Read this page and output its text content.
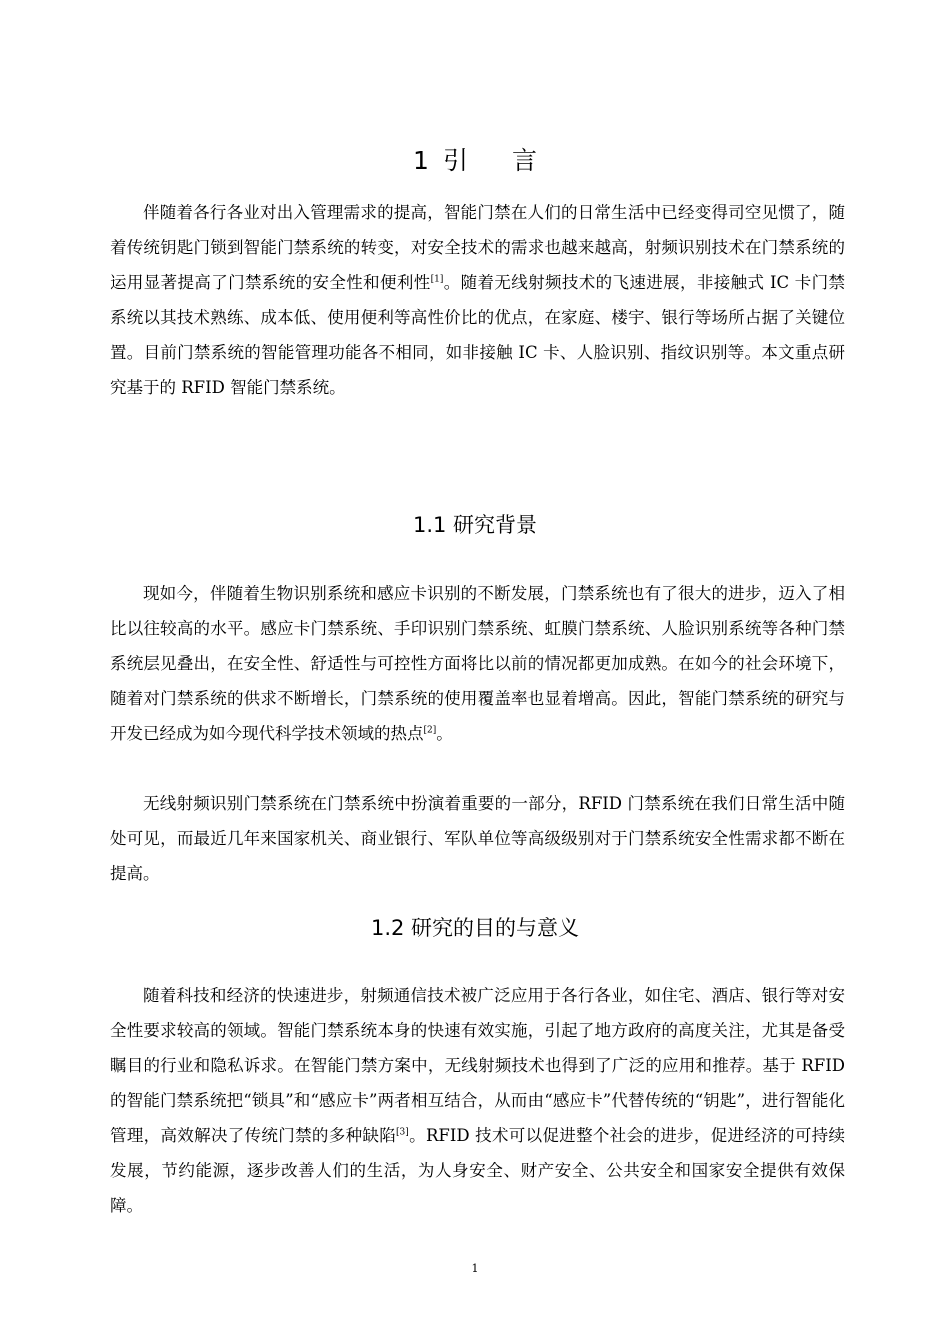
1 引 言

伴随着各行各业对出入管理需求的提高，智能门禁在人们的日常生活中已经变得司空见惯了，随着传统钥匙门锁到智能门禁系统的转变，对安全技术的需求也越来越高，射频识别技术在门禁系统的运用显著提高了门禁系统的安全性和便利性[1]。随着无线射频技术的飞速进展，非接触式 IC 卡门禁系统以其技术熟练、成本低、使用便利等高性价比的优点，在家庭、楼宇、银行等场所占据了关键位置。目前门禁系统的智能管理功能各不相同，如非接触 IC 卡、人脸识别、指纹识别等。本文重点研究基于的 RFID 智能门禁系统。

1.1 研究背景

现如今，伴随着生物识别系统和感应卡识别的不断发展，门禁系统也有了很大的进步，迈入了相比以往较高的水平。感应卡门禁系统、手印识别门禁系统、虹膜门禁系统、人脸识别系统等各种门禁系统层见叠出，在安全性、舒适性与可控性方面将比以前的情况都更加成熟。在如今的社会环境下，随着对门禁系统的供求不断增长，门禁系统的使用覆盖率也显着增高。因此，智能门禁系统的研究与开发已经成为如今现代科学技术领域的热点[2]。

无线射频识别门禁系统在门禁系统中扮演着重要的一部分，RFID 门禁系统在我们日常生活中随处可见，而最近几年来国家机关、商业银行、军队单位等高级级别对于门禁系统安全性需求都不断在提高。

1.2 研究的目的与意义

随着科技和经济的快速进步，射频通信技术被广泛应用于各行各业，如住宅、酒店、银行等对安全性要求较高的领域。智能门禁系统本身的快速有效实施，引起了地方政府的高度关注，尤其是备受瞩目的行业和隐私诉求。在智能门禁方案中，无线射频技术也得到了广泛的应用和推荐。基于 RFID 的智能门禁系统把“锁具”和“感应卡”两者相互结合，从而由“感应卡”代替传统的“钥匙”，进行智能化管理，高效解决了传统门禁的多种缺陷[3]。RFID 技术可以促进整个社会的进步，促进经济的可持续发展，节约能源，逐步改善人们的生活，为人身安全、财产安全、公共安全和国家安全提供有效保障。

1
